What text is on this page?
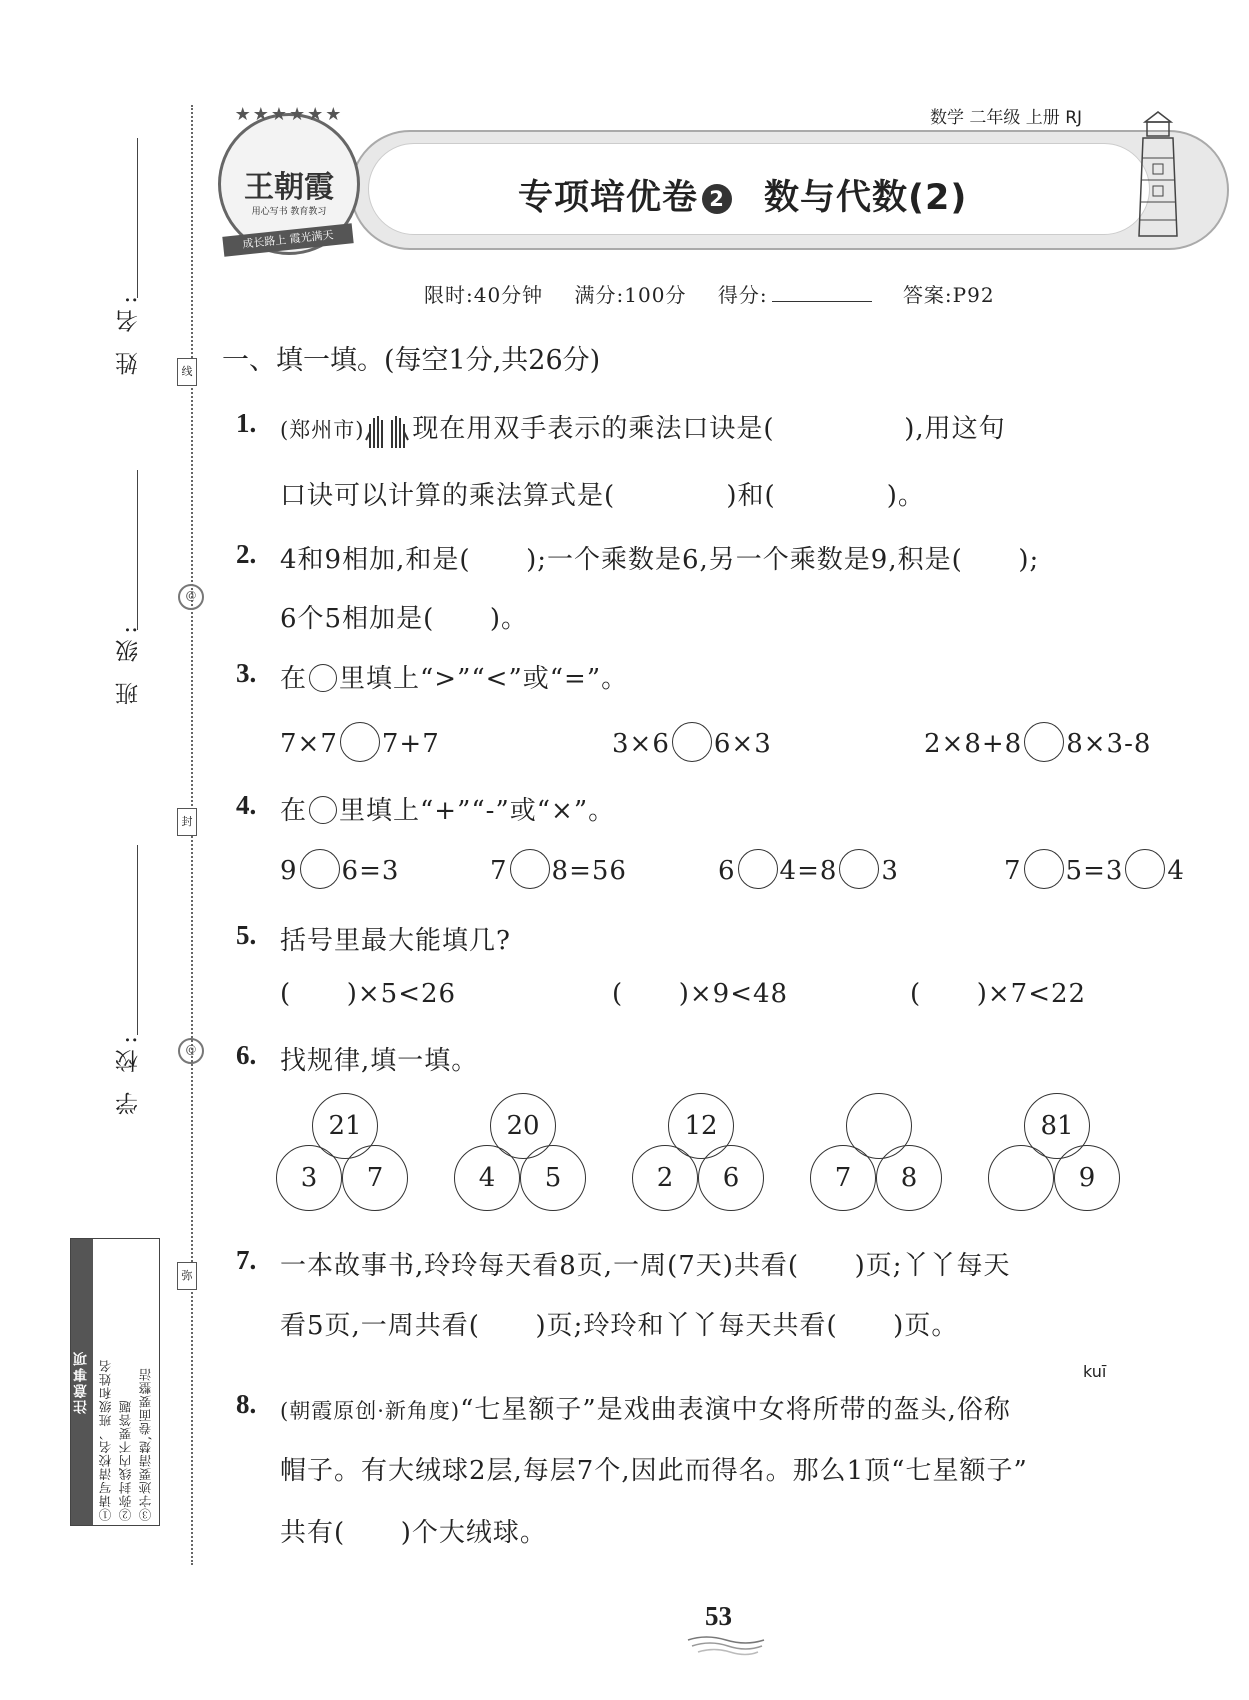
姓 名:
班 级:
学 校:
线
@
封
@
弥
注意事项 ①请写清校名、班级和姓名 ②弥封线内不要答题 ③字迹要清楚,卷面要整洁
数学 二年级 上册 RJ
专项培优卷 2 数与代数(2)
★★★★★★
王朝霞
用心写书 教育教习
成长路上 霞光满天
限时:40分钟 满分:100分 得分:	答案:P92
一、填一填。(每空1分,共26分)
1. (郑州市) 现在用双手表示的乘法口诀是(              ),用这句
口诀可以计算的乘法算式是(            )和(            )。
2. 4和9相加,和是(      );一个乘数是6,另一个乘数是9,积是(      );
6个5相加是(      )。
3. 在 里填上“>”“<”或“=”。
7×7 7+7	3×6 6×3	2×8+8 8×3-8
4. 在 里填上“+”“-”或“×”。
9 6=3	7 8=56	6 4=8 3	7 5=3 4
5. 括号里最大能填几?
(      )×5<26	(      )×9<48	(      )×7<22
6. 找规律,填一填。
21
3	7
20
4	5
12
2	6	7	8
81
9
7. 一本故事书,玲玲每天看8页,一周(7天)共看(      )页;丫丫每天
看5页,一周共看(      )页;玲玲和丫丫每天共看(      )页。
kuī
8. (朝霞原创·新角度)“七星额子”是戏曲表演中女将所带的盔头,俗称
帽子。有大绒球2层,每层7个,因此而得名。那么1顶“七星额子”
共有(      )个大绒球。
53
